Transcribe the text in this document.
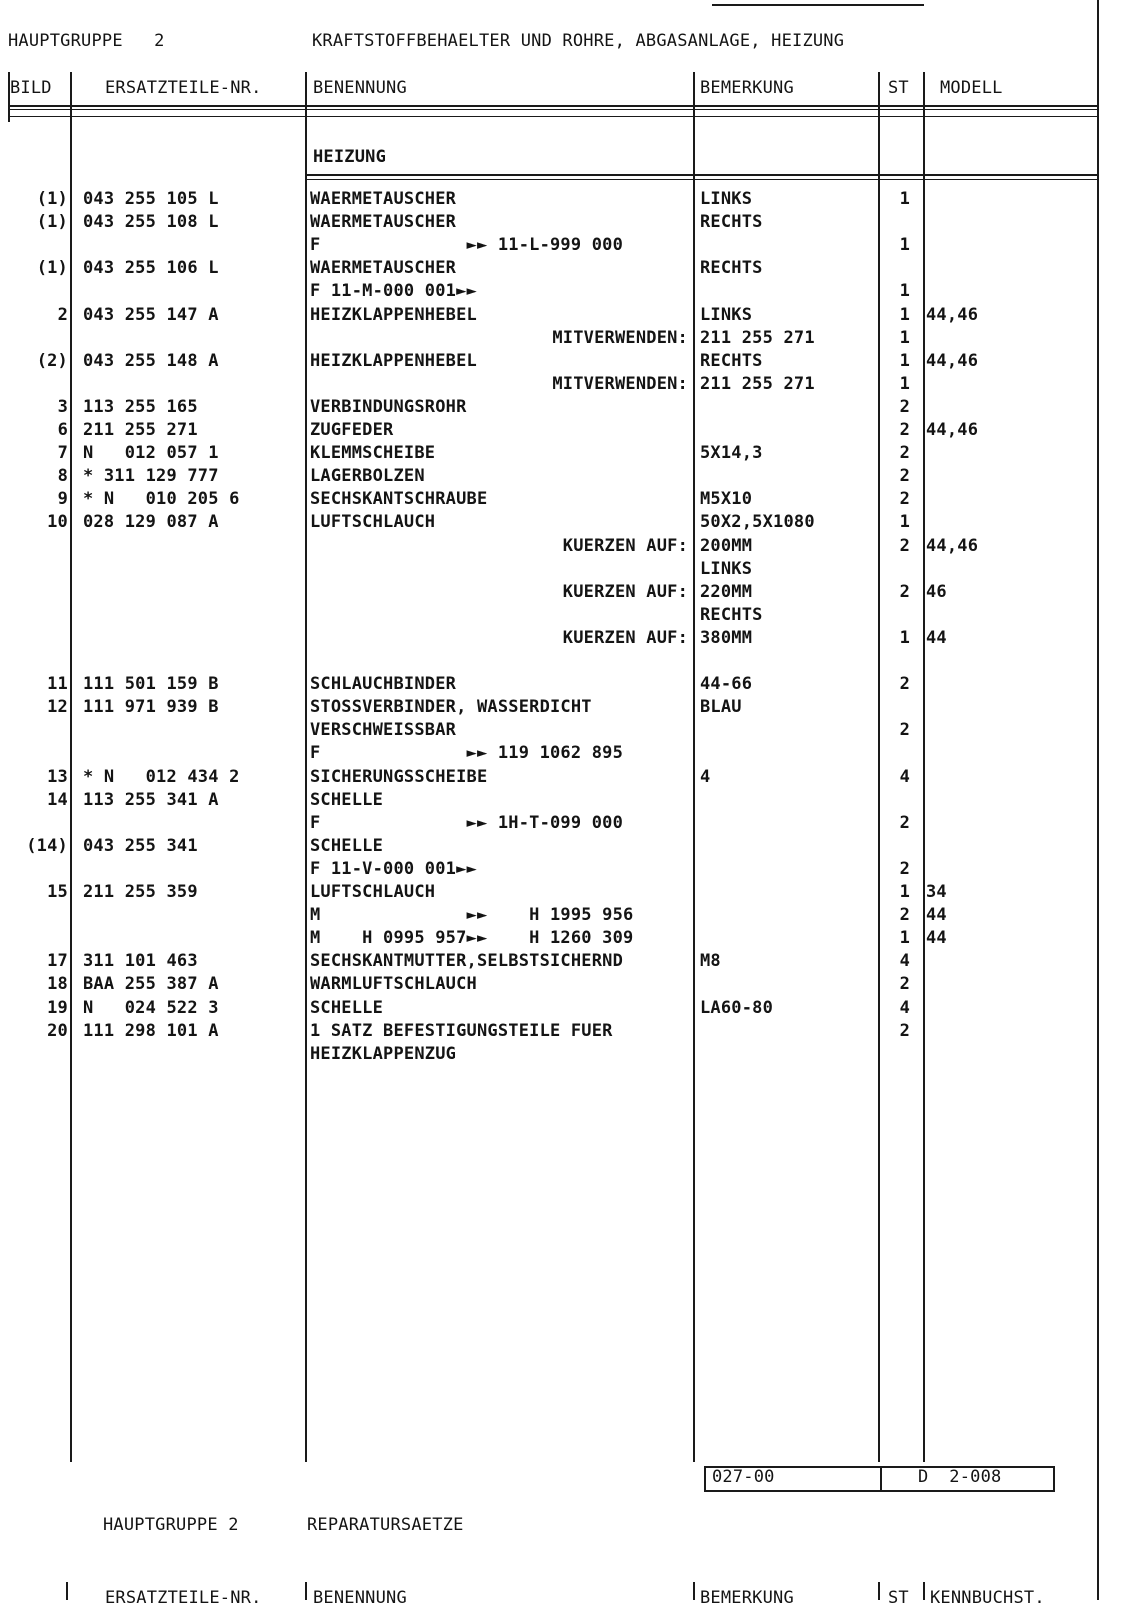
HAUPTGRUPPE   2	KRAFTSTOFFBEHAELTER UND ROHRE, ABGASANLAGE, HEIZUNG
BILD	ERSATZTEILE-NR.	BENENNUNG	BEMERKUNG	ST MODELL
HEIZUNG
(1) 043 255 105 L	WAERMETAUSCHER	LINKS	1
(1) 043 255 108 L	WAERMETAUSCHER	RECHTS
F              ►► 11-L-999 000	1
(1) 043 255 106 L	WAERMETAUSCHER	RECHTS
F 11-M-000 001►►	1
2 043 255 147 A	HEIZKLAPPENHEBEL	LINKS	1 44,46
MITVERWENDEN: 211 255 271	1
(2) 043 255 148 A	HEIZKLAPPENHEBEL	RECHTS	1 44,46
MITVERWENDEN: 211 255 271	1
3 113 255 165	VERBINDUNGSROHR	2
6 211 255 271	ZUGFEDER	2 44,46
7 N   012 057 1	KLEMMSCHEIBE	5X14,3	2
8 * 311 129 777	LAGERBOLZEN	2
9 * N   010 205 6	SECHSKANTSCHRAUBE	M5X10	2
10 028 129 087 A	LUFTSCHLAUCH	50X2,5X1080	1
KUERZEN AUF: 200MM	2 44,46
LINKS
KUERZEN AUF: 220MM	2 46
RECHTS
KUERZEN AUF: 380MM	1 44
11 111 501 159 B	SCHLAUCHBINDER	44-66	2
12 111 971 939 B	STOSSVERBINDER, WASSERDICHT	BLAU
VERSCHWEISSBAR	2
F              ►► 119 1062 895
13 * N   012 434 2	SICHERUNGSSCHEIBE	4	4
14 113 255 341 A	SCHELLE
F              ►► 1H-T-099 000	2
(14) 043 255 341	SCHELLE
F 11-V-000 001►►	2
15 211 255 359	LUFTSCHLAUCH	1 34
M              ►►    H 1995 956	2 44
M    H 0995 957►►    H 1260 309	1 44
17 311 101 463	SECHSKANTMUTTER,SELBSTSICHERND	M8	4
18 BAA 255 387 A	WARMLUFTSCHLAUCH	2
19 N   024 522 3	SCHELLE	LA60-80	4
20 111 298 101 A	1 SATZ BEFESTIGUNGSTEILE FUER	2
HEIZKLAPPENZUG
027-00	D  2-008
HAUPTGRUPPE 2	REPARATURSAETZE
ERSATZTEILE-NR.	BENENNUNG	BEMERKUNG	ST KENNBUCHST.
